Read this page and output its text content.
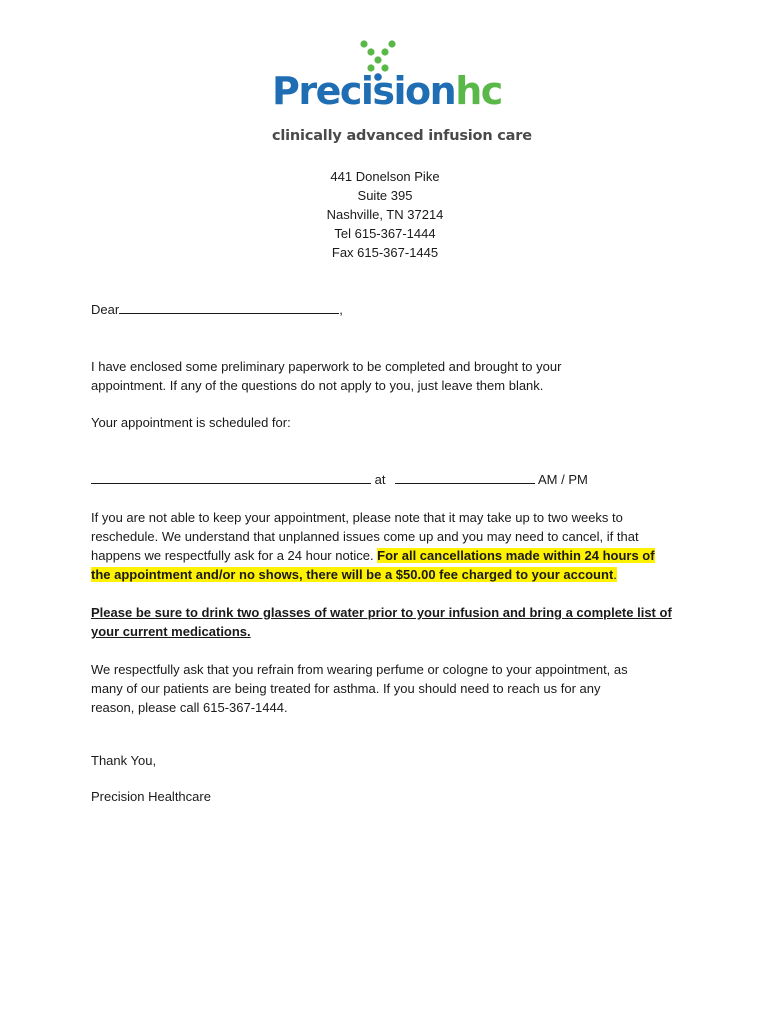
Precisionhc
clinically advanced infusion care
441 Donelson Pike
Suite 395
Nashville, TN 37214
Tel 615-367-1444
Fax 615-367-1445
Dear	,
I have enclosed some preliminary paperwork to be completed and brought to your
appointment. If any of the questions do not apply to you, just leave them blank.
Your appointment is scheduled for:
at	AM / PM
If you are not able to keep your appointment, please note that it may take up to two weeks to
reschedule. We understand that unplanned issues come up and you may need to cancel, if that
happens we respectfully ask for a 24 hour notice. For all cancellations made within 24 hours of
the appointment and/or no shows, there will be a $50.00 fee charged to your account.
Please be sure to drink two glasses of water prior to your infusion and bring a complete list of
your current medications.
We respectfully ask that you refrain from wearing perfume or cologne to your appointment, as
many of our patients are being treated for asthma. If you should need to reach us for any
reason, please call 615-367-1444.
Thank You,
Precision Healthcare
